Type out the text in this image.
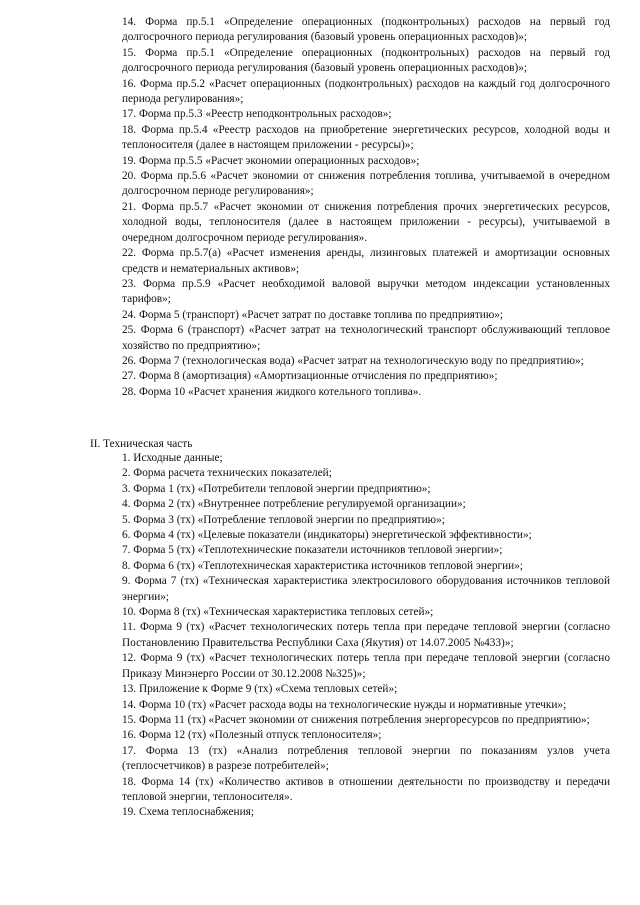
14. Форма пр.5.1 «Определение операционных (подконтрольных) расходов на первый год долгосрочного периода регулирования (базовый уровень операционных расходов)»;

15. Форма пр.5.1 «Определение операционных (подконтрольных) расходов на первый год долгосрочного периода регулирования (базовый уровень операционных расходов)»;

16. Форма пр.5.2 «Расчет операционных (подконтрольных) расходов на каждый год долгосрочного периода регулирования»;

17. Форма пр.5.3 «Реестр неподконтрольных расходов»;

18. Форма пр.5.4 «Реестр расходов на приобретение энергетических ресурсов, холодной воды и теплоносителя (далее в настоящем приложении - ресурсы)»;

19. Форма пр.5.5 «Расчет экономии операционных расходов»;

20. Форма пр.5.6 «Расчет экономии от снижения потребления топлива, учитываемой в очередном долгосрочном периоде регулирования»;

21. Форма пр.5.7 «Расчет экономии от снижения потребления прочих энергетических ресурсов, холодной воды, теплоносителя (далее в настоящем приложении - ресурсы), учитываемой в очередном долгосрочном периоде регулирования».

22. Форма пр.5.7(а) «Расчет изменения аренды, лизинговых платежей и амортизации основных средств и нематериальных активов»;

23. Форма пр.5.9 «Расчет необходимой валовой выручки методом индексации установленных тарифов»;

24. Форма 5 (транспорт) «Расчет затрат по доставке топлива по предприятию»;

25. Форма 6 (транспорт) «Расчет затрат на технологический транспорт обслуживающий тепловое хозяйство по предприятию»;

26. Форма 7 (технологическая вода) «Расчет затрат на технологическую воду по предприятию»;

27. Форма 8 (амортизация) «Амортизационные отчисления по предприятию»;

28. Форма 10 «Расчет хранения жидкого котельного топлива».

II. Техническая часть

1. Исходные данные;

2. Форма расчета технических показателей;

3. Форма 1 (тх) «Потребители тепловой энергии предприятию»;

4. Форма 2 (тх) «Внутреннее потребление регулируемой организации»;

5. Форма 3 (тх) «Потребление тепловой энергии по предприятию»;

6. Форма 4 (тх) «Целевые показатели (индикаторы) энергетической эффективности»;

7. Форма 5 (тх) «Теплотехнические показатели источников тепловой энергии»;

8. Форма 6 (тх) «Теплотехническая характеристика источников тепловой энергии»;

9. Форма 7 (тх) «Техническая характеристика электросилового оборудования источников тепловой энергии»;

10. Форма 8 (тх) «Техническая характеристика тепловых сетей»;

11. Форма 9 (тх) «Расчет технологических потерь тепла при передаче тепловой энергии (согласно Постановлению Правительства Республики Саха (Якутия) от 14.07.2005 №433)»;

12. Форма 9 (тх) «Расчет технологических потерь тепла при передаче тепловой энергии (согласно Приказу Минэнерго России от 30.12.2008 №325)»;

13. Приложение к Форме 9 (тх) «Схема тепловых сетей»;

14. Форма 10 (тх) «Расчет расхода воды на технологические нужды и нормативные утечки»;

15. Форма 11 (тх) «Расчет экономии от снижения потребления энергоресурсов по предприятию»;

16. Форма 12 (тх) «Полезный отпуск теплоносителя»;

17. Форма 13 (тх) «Анализ потребления тепловой энергии по показаниям узлов учета (теплосчетчиков) в разрезе потребителей»;

18. Форма 14 (тх) «Количество активов в отношении деятельности по производству и передачи тепловой энергии, теплоносителя».

19. Схема теплоснабжения;
